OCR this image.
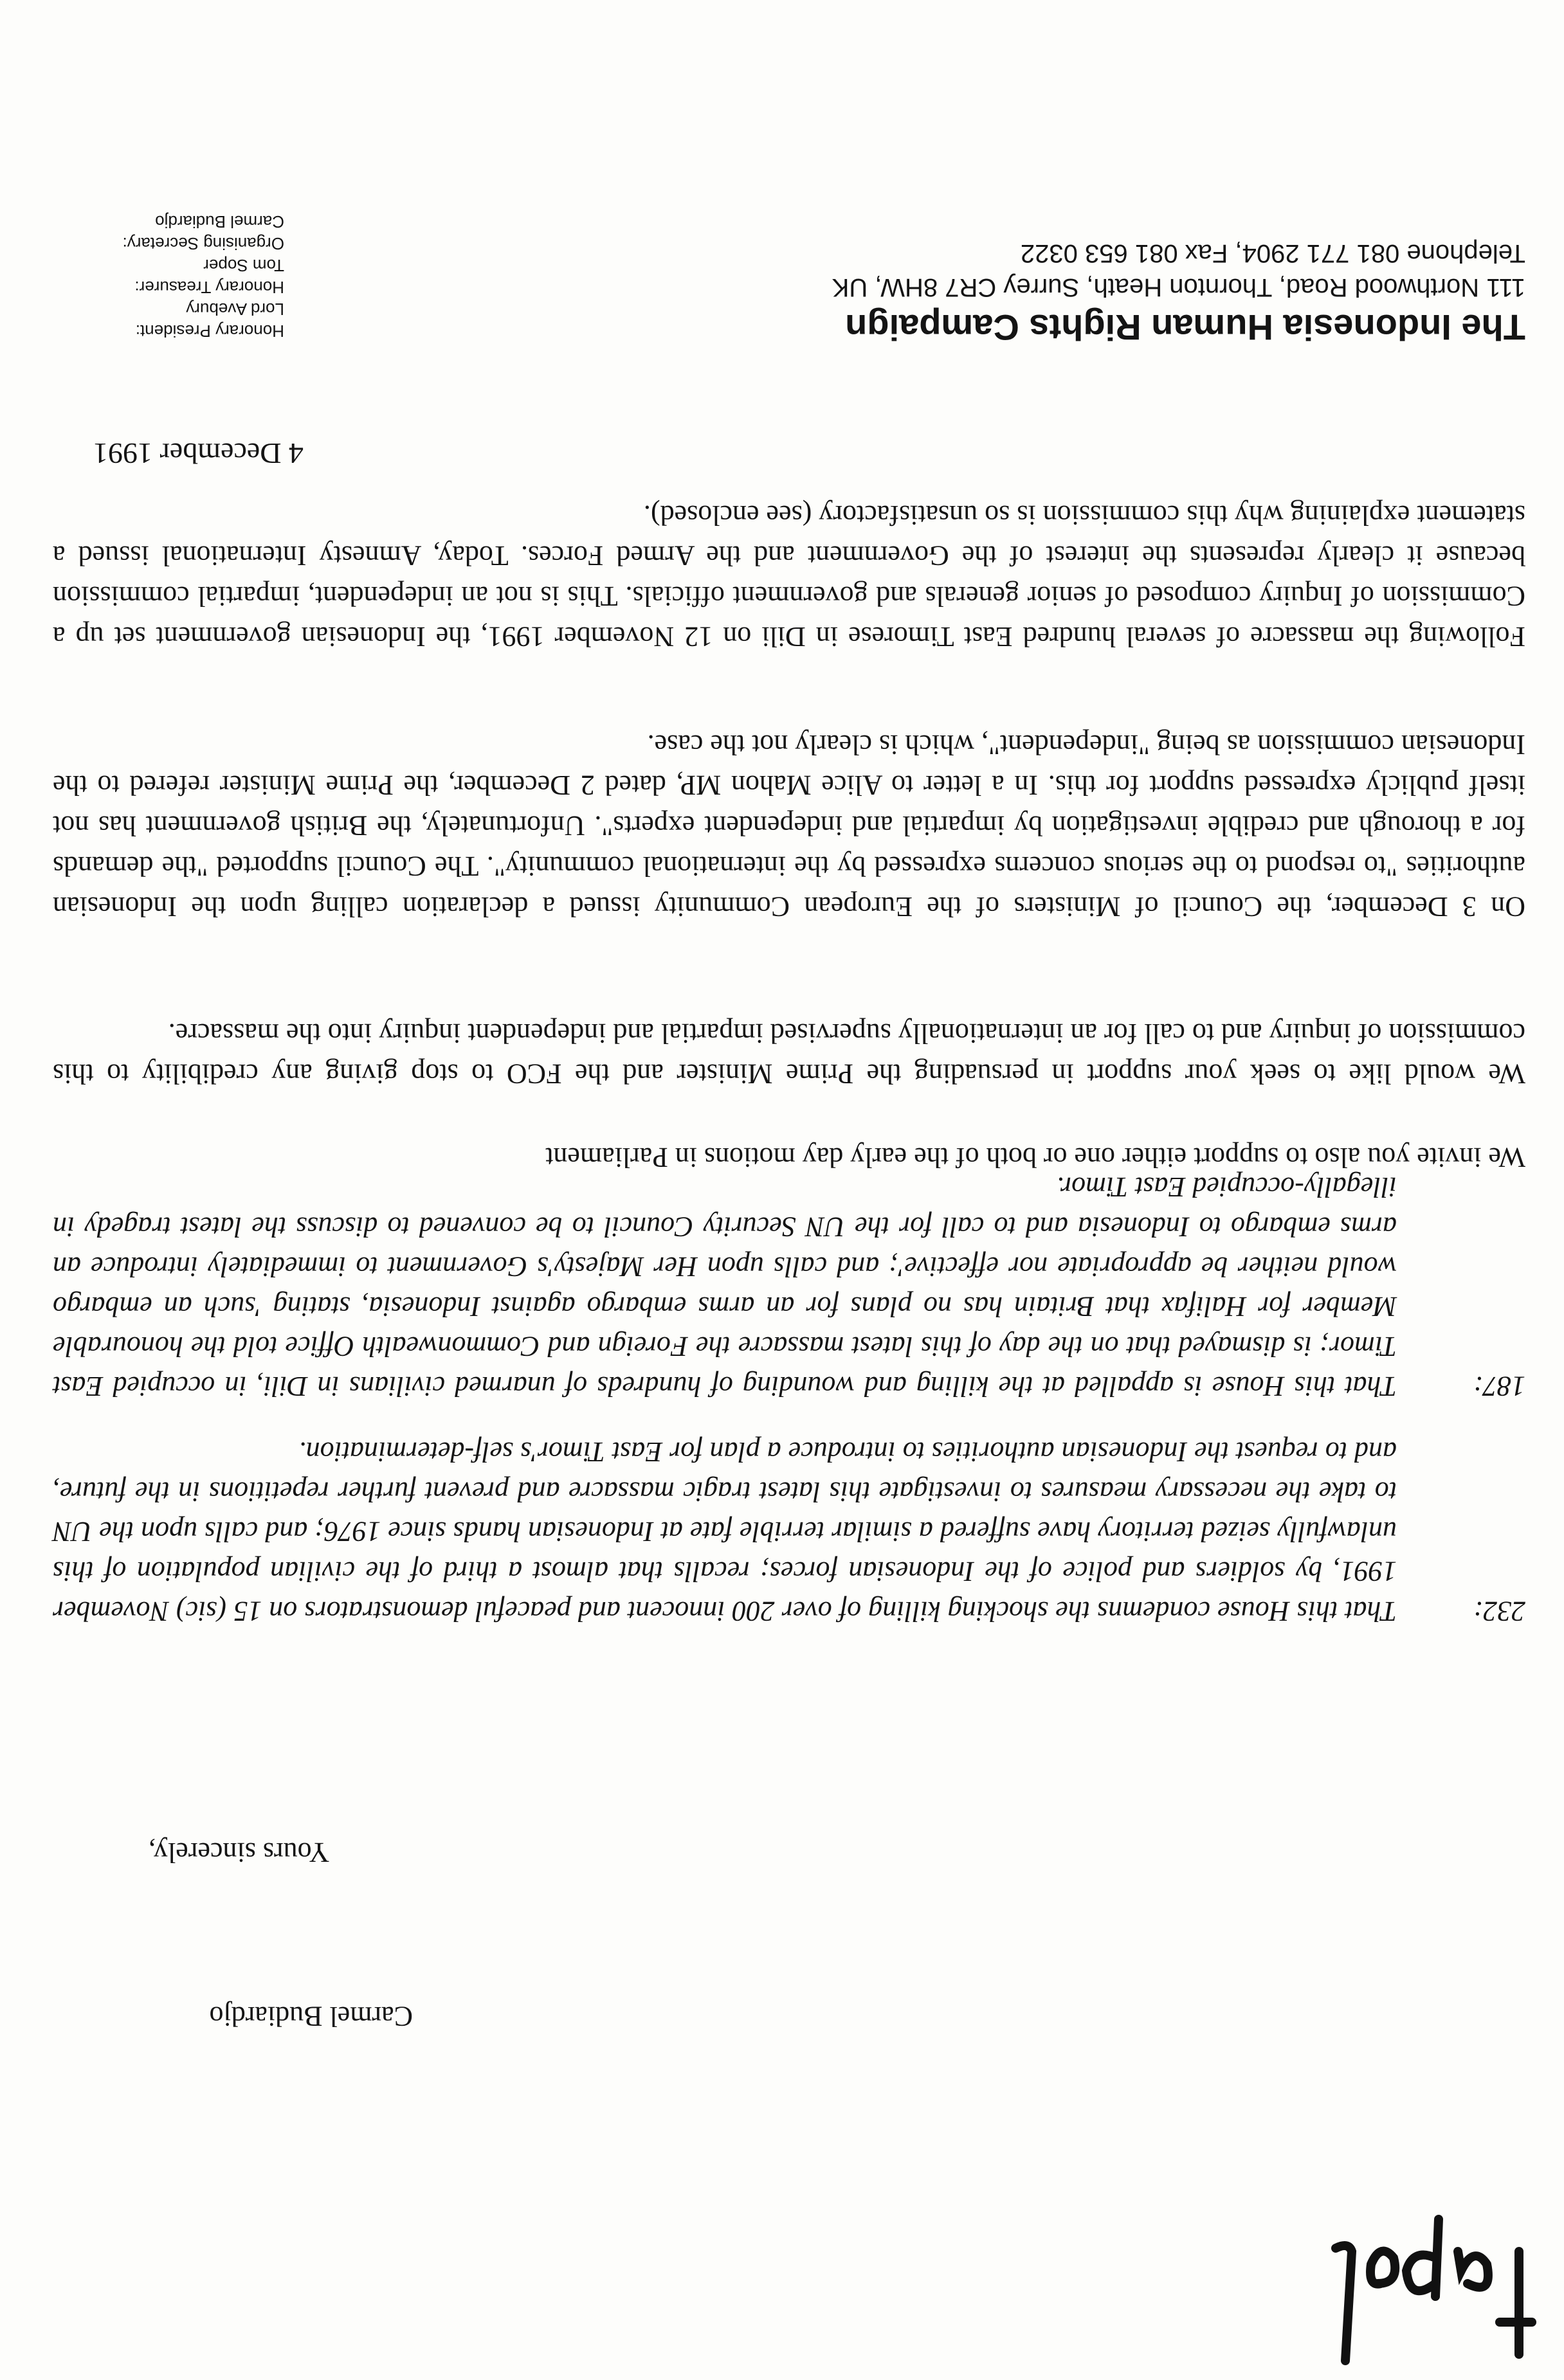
The Indonesia Human Rights Campaign

111 Northwood Road, Thornton Heath, Surrey CR7 8HW, UK

Telephone 081 771 2904, Fax 081 653 0322

Honorary President:
Lord Avebury
Honorary Treasurer:
Tom Soper
Organising Secretary:
Carmel Budiardjo
4 December 1991

Following the massacre of several hundred East Timorese in Dili on 12 November 1991, the Indonesian government set up a Commission of Inquiry composed of senior generals and government officials. This is not an independent, impartial commission because it clearly represents the interest of the Government and the Armed Forces. Today, Amnesty International issued a statement explaining why this commission is so unsatisfactory (see enclosed).

On 3 December, the Council of Ministers of the European Community issued a declaration calling upon the Indonesian authorities "to respond to the serious concerns expressed by the international community". The Council supported "the demands for a thorough and credible investigation by impartial and independent experts". Unfortunately, the British government has not itself publicly expressed support for this. In a letter to Alice Mahon MP, dated 2 December, the Prime Minister refered to the Indonesian commission as being "independent", which is clearly not the case.

We would like to seek your support in persuading the Prime Minister and the FCO to stop giving any credibility to this commission of inquiry and to call for an internationally supervised impartial and independent inquiry into the massacre.

We invite you also to support either one or both of the early day motions in Parliament

187:
That this House is appalled at the killing and wounding of hundreds of unarmed civilians in Dili, in occupied East Timor; is dismayed that on the day of this latest massacre the Foreign and Commonwealth Office told the honourable Member for Halifax that Britain has no plans for an arms embargo against Indonesia, stating 'such an embargo would neither be appropriate nor effective'; and calls upon Her Majesty's Government to immediately introduce an arms embargo to Indonesia and to call for the UN Security Council to be convened to discuss the latest tragedy in illegally-occupied East Timor.
232:
That this House condemns the shocking killing of over 200 innocent and peaceful demonstrators on 15 (sic) November 1991, by soldiers and police of the Indonesian forces; recalls that almost a third of the civilian population of this unlawfully seized territory have suffered a similar terrible fate at Indonesian hands since 1976; and calls upon the UN to take the necessary measures to investigate this latest tragic massacre and prevent further repetitions in the future, and to request the Indonesian authorities to introduce a plan for East Timor's self-determination.
Yours sincerely,
Carmel Budiardjo
